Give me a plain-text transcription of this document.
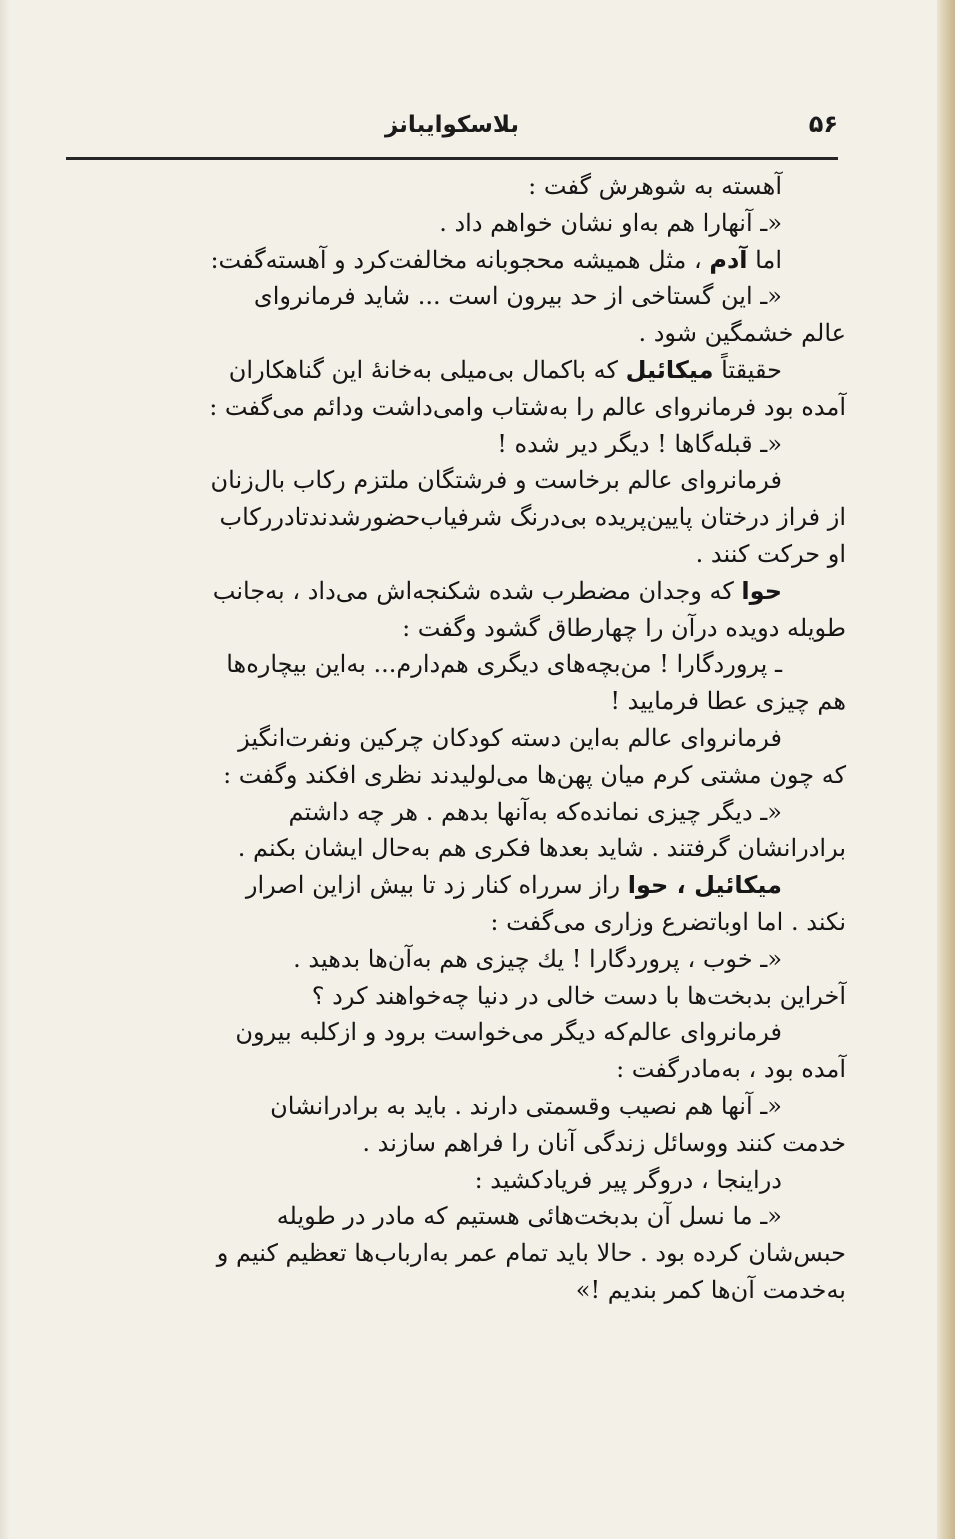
۵۶
بلاسکوایبانز
آهسته به شوهرش گفت :
«ـ آنهارا هم به‌او نشان خواهم داد .
اما آدم ، مثل همیشه محجوبانه مخالفت‌کرد و آهسته‌گفت:
«ـ این گستاخی از حد بیرون است ... شاید فرمانروای
عالم خشمگین شود .
حقیقتاً میکائیل که باکمال بی‌میلی به‌خانهٔ این گناهکاران
آمده بود فرمانروای عالم را به‌شتاب وامی‌داشت ودائم می‌گفت :
«ـ قبله‌گاها ! دیگر دیر شده !
فرمانروای عالم برخاست و فرشتگان ملتزم رکاب بال‌زنان
از فراز درختان پایین‌پریده بی‌درنگ شرفیاب‌حضورشدندتادررکاب
او حرکت کنند .
حوا که وجدان مضطرب شده شکنجه‌اش می‌داد ، به‌جانب
طویله دویده درآن را چهارطاق گشود وگفت :
ـ پروردگارا ! من‌بچه‌های دیگری هم‌دارم... به‌این بیچاره‌ها
هم چیزی عطا فرمایید !
فرمانروای عالم به‌این دسته کودکان چرکین ونفرت‌انگیز
که چون مشتی کرم میان پهن‌ها می‌لولیدند نظری افکند وگفت :
«ـ دیگر چیزی نمانده‌که به‌آنها بدهم . هر چه داشتم
برادرانشان گرفتند . شاید بعدها فکری هم به‌حال ایشان بکنم .
میکائیل ، حوا راز سرراه کنار زد تا بیش ازاین اصرار
نکند . اما اوباتضرع وزاری می‌گفت :
«ـ خوب ، پروردگارا ! یك چیزی هم به‌آن‌ها بدهید .
آخراین بدبخت‌ها با دست خالی در دنیا چه‌خواهند کرد ؟
فرمانروای عالم‌که دیگر می‌خواست برود و ازکلبه بیرون
آمده بود ، به‌مادرگفت :
«ـ آنها هم نصیب وقسمتی دارند . باید به برادرانشان
خدمت کنند ووسائل زندگی آنان را فراهم سازند .
دراینجا ، دروگر پیر فریادکشید :
«ـ ما نسل آن بدبخت‌هائی هستیم که مادر در طویله
حبس‌شان کرده بود . حالا باید تمام عمر به‌ارباب‌ها تعظیم کنیم و
به‌خدمت آن‌ها کمر بندیم !»
